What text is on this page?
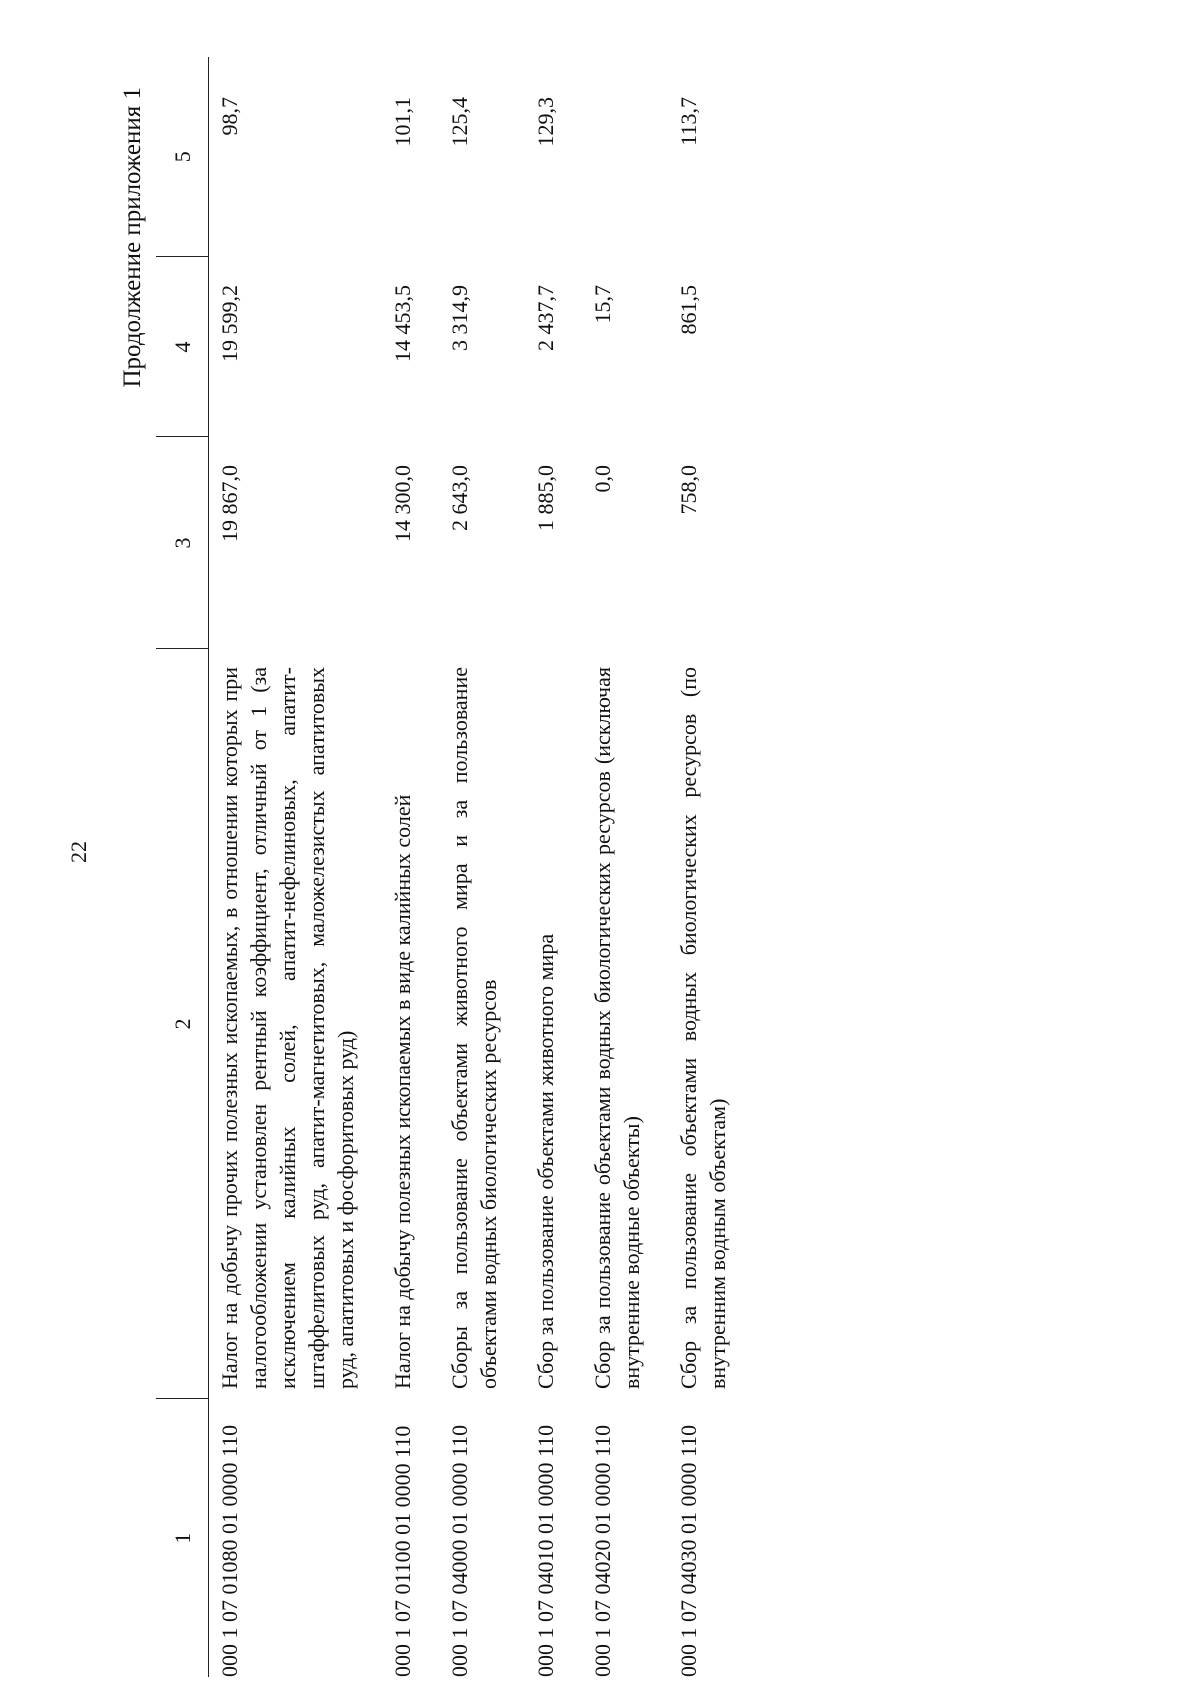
22
Продолжение приложения 1
1	2	3	4	5
000 1 07 01080 01 0000 110	Налог на добычу прочих полезных ископаемых, в отношении которых при налогообложении установлен рентный коэффициент, отличный от 1 (за исключением калийных солей, апатит-нефелиновых, апатит-штаффелитовых руд, апатит-магнетитовых, маложелезистых апатитовых руд, апатитовых и фосфоритовых руд)	19 867,0	19 599,2	98,7

000 1 07 01100 01 0000 110	Налог на добычу полезных ископаемых в виде калийных солей	14 300,0	14 453,5	101,1

000 1 07 04000 01 0000 110	Сборы за пользование объектами животного мира и за пользование объектами водных биологических ресурсов	2 643,0	3 314,9	125,4

000 1 07 04010 01 0000 110	Сбор за пользование объектами животного мира	1 885,0	2 437,7	129,3

000 1 07 04020 01 0000 110	Сбор за пользование объектами водных биологических ресурсов (исключая внутренние водные объекты)	0,0	15,7	

000 1 07 04030 01 0000 110	Сбор за пользование объектами водных биологических ресурсов (по внутренним водным объектам)	758,0	861,5	113,7
